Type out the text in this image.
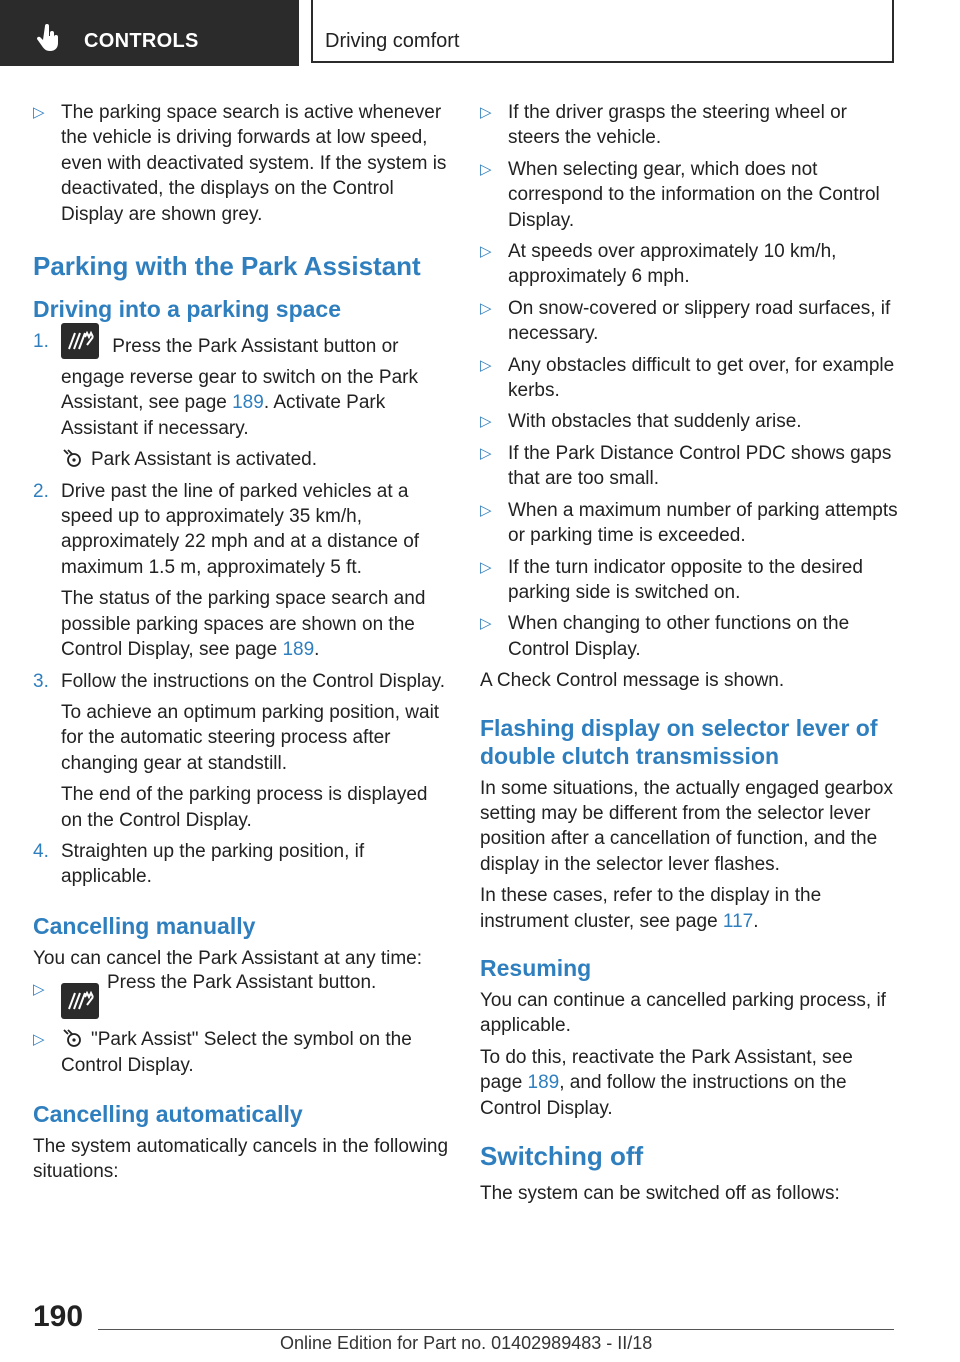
CONTROLS	Driving comfort
▷ The parking space search is active whenever the vehicle is driving forwards at low speed, even with deactivated system. If the system is deactivated, the displays on the Control Display are shown grey.
Parking with the Park Assistant
Driving into a parking space
1.	Press the Park Assistant button or engage reverse gear to switch on the Park Assistant, see page 189. Activate Park Assistant if necessary.

Park Assistant is activated.

2. Drive past the line of parked vehicles at a speed up to approximately 35 km/h, approximately 22 mph and at a distance of maximum 1.5 m, approximately 5 ft.

The status of the parking space search and possible parking spaces are shown on the Control Display, see page 189.

3. Follow the instructions on the Control Display.

To achieve an optimum parking position, wait for the automatic steering process after changing gear at standstill.

The end of the parking process is displayed on the Control Display.

4. Straighten up the parking position, if applicable.
Cancelling manually

You can cancel the Park Assistant at any time:

▷	Press the Park Assistant button.
▷ "Park Assist" Select the symbol on the Control Display.
Cancelling automatically

The system automatically cancels in the following situations:

▷ If the driver grasps the steering wheel or steers the vehicle.
▷ When selecting gear, which does not correspond to the information on the Control Display.
▷ At speeds over approximately 10 km/h, approximately 6 mph.
▷ On snow-covered or slippery road surfaces, if necessary.
▷ Any obstacles difficult to get over, for example kerbs.
▷ With obstacles that suddenly arise.
▷ If the Park Distance Control PDC shows gaps that are too small.
▷ When a maximum number of parking attempts or parking time is exceeded.
▷ If the turn indicator opposite to the desired parking side is switched on.
▷ When changing to other functions on the Control Display.

A Check Control message is shown.

Flashing display on selector lever of double clutch transmission

In some situations, the actually engaged gearbox setting may be different from the selector lever position after a cancellation of function, and the display in the selector lever flashes.

In these cases, refer to the display in the instrument cluster, see page 117.

Resuming

You can continue a cancelled parking process, if applicable.

To do this, reactivate the Park Assistant, see page 189, and follow the instructions on the Control Display.

Switching off

The system can be switched off as follows:

190
Online Edition for Part no. 01402989483 - II/18
